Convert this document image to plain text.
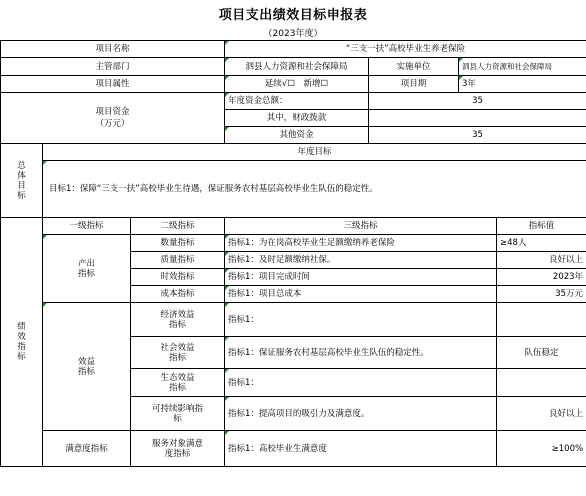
项目支出绩效目标申报表
（2023年度）
项目名称			“三支一扶”高校毕业生养老保险			
主管部门			泗县人力资源和社会保障局	实施单位	泗县人力资源和社会保障局	
项目属性			延续√☐　新增☐	项目期	3年	
项目资金
（万元）			年度资金总额：	35		
			其中，财政拨款			
			其他资金	35		
总体目标	年度目标					
	目标1：保障“三支一扶”高校毕业生待遇，保证服务农村基层高校毕业生队伍的稳定性。					
绩效指标	一级指标	二级指标	三级指标			指标值
	产出指标	数量指标	指标1：为在岗高校毕业生足额缴纳养老保险			≥48人
		质量指标	指标1：及时足额缴纳社保。			良好以上
		时效指标	指标1：项目完成时间			2023年
		成本指标	指标1：项目总成本			35万元
	效益指标	经济效益指标	指标1：			
		社会效益指标	指标1：保证服务农村基层高校毕业生队伍的稳定性。			队伍稳定
		生态效益指标	指标1：			
		可持续影响指标	指标1：提高项目的吸引力及满意度。			良好以上
	满意度指标	服务对象满意度指标	指标1：高校毕业生满意度			≥100%
